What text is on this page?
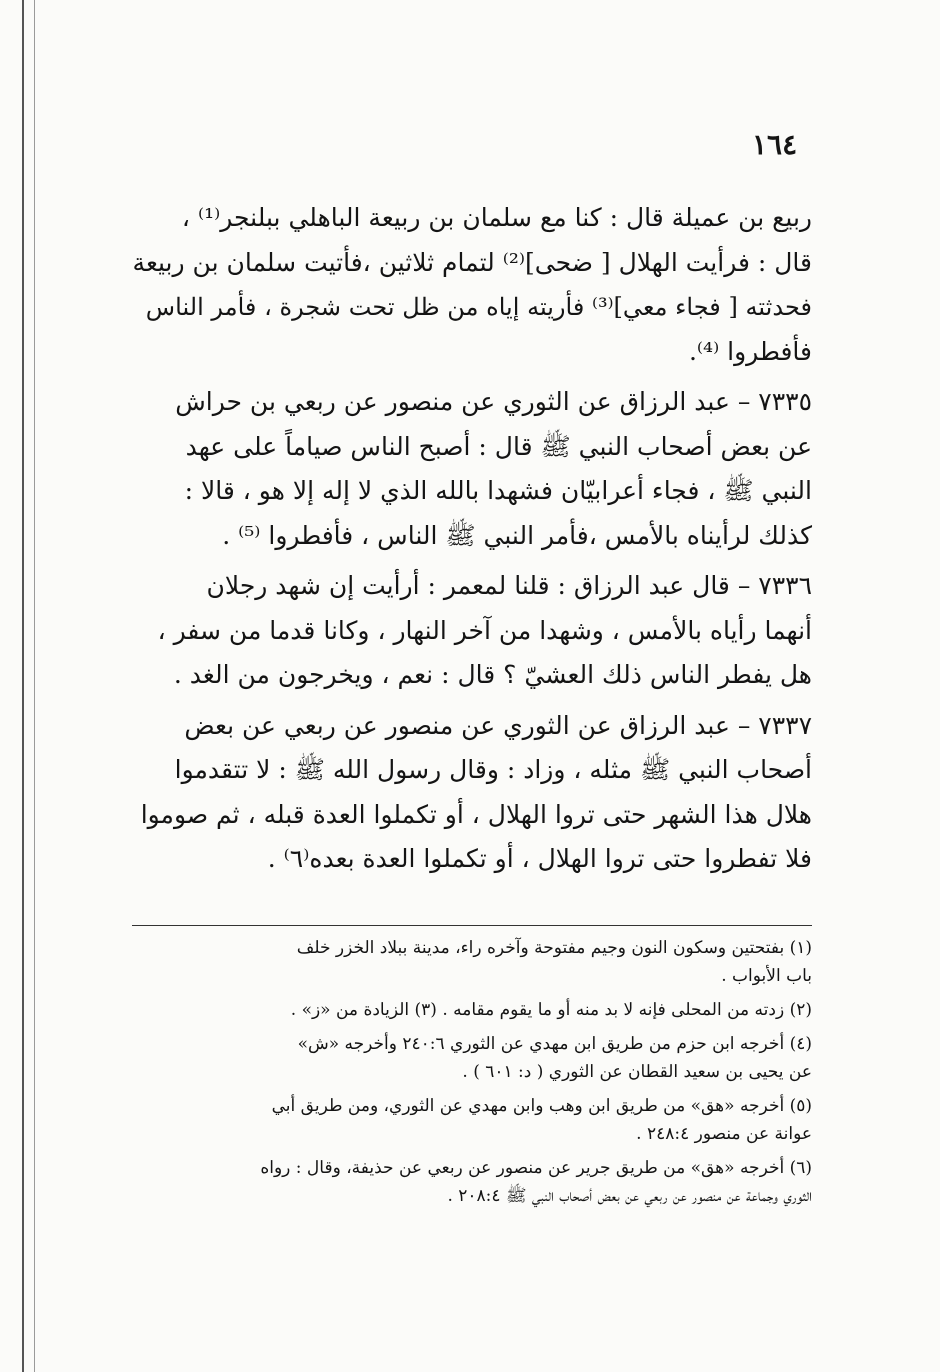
١٦٤

ربيع بن عميلة قال : كنا مع سلمان بن ربيعة الباهلي ببلنجر⁽¹⁾ ،
قال : فرأيت الهلال [ ضحى]⁽²⁾ لتمام ثلاثين ،فأتيت سلمان بن ربيعة
فحدثته [ فجاء معي]⁽³⁾ فأريته إياه من ظل تحت شجرة ، فأمر الناس
فأفطروا ⁽⁴⁾.

٧٣٣٥ – عبد الرزاق عن الثوري عن منصور عن ربعي بن حراش
عن بعض أصحاب النبي ﷺ قال : أصبح الناس صياماً على عهد
النبي ﷺ ، فجاء أعرابيّان فشهدا بالله الذي لا إله إلا هو ، قالا :
كذلك لرأيناه بالأمس ،فأمر النبي ﷺ الناس ، فأفطروا ⁽⁵⁾ .

٧٣٣٦ – قال عبد الرزاق : قلنا لمعمر : أرأيت إن شهد رجلان
أنهما رأياه بالأمس ، وشهدا من آخر النهار ، وكانا قدما من سفر ،
هل يفطر الناس ذلك العشيّ ؟ قال : نعم ، ويخرجون من الغد .

٧٣٣٧ – عبد الرزاق عن الثوري عن منصور عن ربعي عن بعض
أصحاب النبي ﷺ مثله ، وزاد : وقال رسول الله ﷺ : لا تتقدموا
هلال هذا الشهر حتى تروا الهلال ، أو تكملوا العدة قبله ، ثم صوموا
فلا تفطروا حتى تروا الهلال ، أو تكملوا العدة بعده⁽٦⁾ .

(١) بفتحتين وسكون النون وجيم مفتوحة وآخره راء، مدينة ببلاد الخزر خلف
باب الأبواب .

(٢) زدته من المحلى فإنه لا بد منه أو ما يقوم مقامه . (٣) الزيادة من «ز» .

(٤) أخرجه ابن حزم من طريق ابن مهدي عن الثوري ٢٤٠:٦ وأخرجه «ش»
عن يحيى بن سعيد القطان عن الثوري ( د: ٦٠١ ) .

(٥) أخرجه «هق» من طريق ابن وهب وابن مهدي عن الثوري، ومن طريق أبي
عوانة عن منصور ٢٤٨:٤ .

(٦) أخرجه «هق» من طريق جرير عن منصور عن ربعي عن حذيفة، وقال : رواه
الثوري وجماعة عن منصور عن ربعي عن بعض أصحاب النبي ﷺ ٢٠٨:٤ .
